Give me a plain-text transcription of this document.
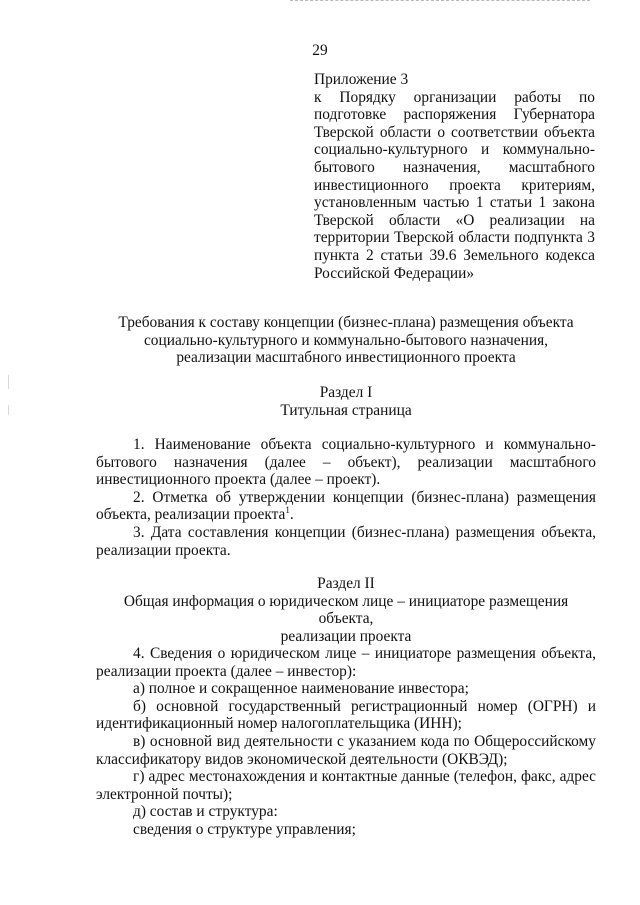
29
Приложение 3
к Порядку организации работы по подготовке распоряжения Губернатора Тверской области о соответствии объекта социально-культурного и коммунально-бытового назначения, масштабного инвестиционного проекта критериям, установленным частью 1 статьи 1 закона Тверской области «О реализации на территории Тверской области подпункта 3 пункта 2 статьи 39.6 Земельного кодекса Российской Федерации»
Требования к составу концепции (бизнес-плана) размещения объекта
социально-культурного и коммунально-бытового назначения,
реализации масштабного инвестиционного проекта
Раздел I
Титульная страница

1. Наименование объекта социально-культурного и коммунально-бытового назначения (далее – объект), реализации масштабного инвестиционного проекта (далее – проект).

2. Отметка об утверждении концепции (бизнес-плана) размещения объекта, реализации проекта$^1$.

3. Дата составления концепции (бизнес-плана) размещения объекта, реализации проекта.

Раздел II
Общая информация о юридическом лице – инициаторе размещения объекта,
реализации проекта

4. Сведения о юридическом лице – инициаторе размещения объекта, реализации проекта (далее – инвестор):

а) полное и сокращенное наименование инвестора;

б) основной государственный регистрационный номер (ОГРН) и идентификационный номер налогоплательщика (ИНН);

в) основной вид деятельности с указанием кода по Общероссийскому классификатору видов экономической деятельности (ОКВЭД);

г) адрес местонахождения и контактные данные (телефон, факс, адрес электронной почты);

д) состав и структура:

сведения о структуре управления;
